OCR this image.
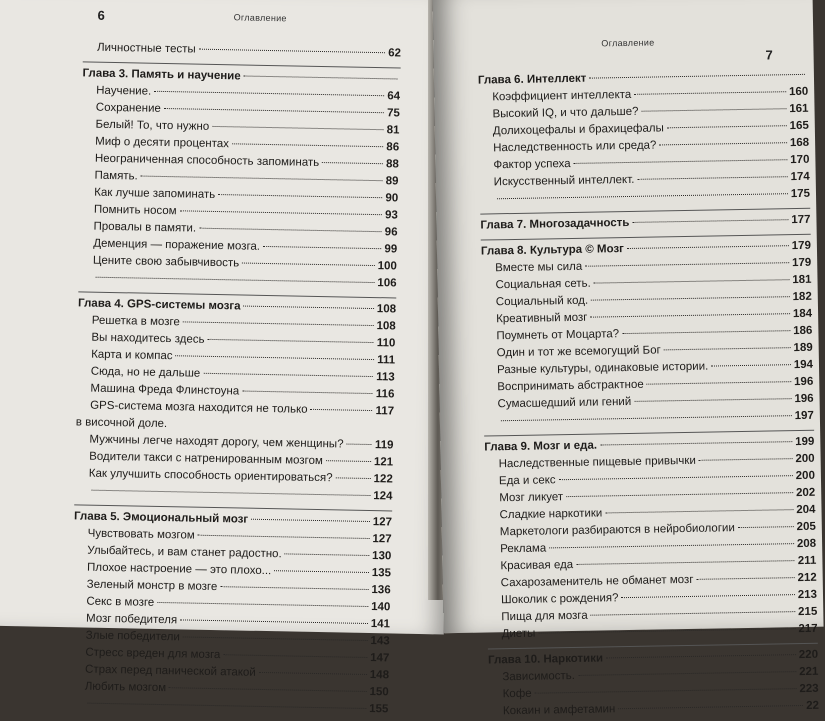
6	Оглавление
Личностные тесты	62
Глава 3. Память и научение
Научение.	64
Сохранение	75
Белый! То, что нужно	81
Миф о десяти процентах	86
Неограниченная способность запоминать	88
Память.	89
Как лучше запоминать	90
Помнить носом	93
Провалы в памяти.	96
Деменция — поражение мозга.	99
Цените свою забывчивость	100
106
Глава 4. GPS-системы мозга	108
Решетка в мозге	108
Вы находитесь здесь	110
Карта и компас	111
Сюда, но не дальше	113
Машина Фреда Флинстоуна	116
GPS-система мозга находится не только	117
в височной доле.
Мужчины легче находят дорогу, чем женщины?	119
Водители такси с натренированным мозгом	121
Как улучшить способность ориентироваться?	122
124
Глава 5. Эмоциональный мозг	127
Чувствовать мозгом	127
Улыбайтесь, и вам станет радостно.	130
Плохое настроение — это плохо...	135
Зеленый монстр в мозге	136
Секс в мозге	140
Мозг победителя	141
Злые победители	143
Стресс вреден для мозга	147
Страх перед панической атакой	148
Любить мозгом	150
155
Оглавление
7
Глава 6. Интеллект
Коэффициент интеллекта	160
Высокий IQ, и что дальше?	161
Долихоцефалы и брахицефалы	165
Наследственность или среда?	168
Фактор успеха	170
Искусственный интеллект.	174
175
Глава 7. Многозадачность	177
Глава 8. Культура © Мозг	179
Вместе мы сила	179
Социальная сеть.	181
Социальный код.	182
Креативный мозг	184
Поумнеть от Моцарта?	186
Один и тот же всемогущий Бог	189
Разные культуры, одинаковые истории.	194
Воспринимать абстрактное	196
Сумасшедший или гений	196
197
Глава 9. Мозг и еда.	199
Наследственные пищевые привычки	200
Еда и секс	200
Мозг ликует	202
Сладкие наркотики	204
Маркетологи разбираются в нейробиологии	205
Реклама	208
Красивая еда	211
Сахарозаменитель не обманет мозг	212
Шоколик с рождения?	213
Пища для мозга	215
Диеты	217
Глава 10. Наркотики	220
Зависимость.	221
Кофе	223
Кокаин и амфетамин	22
